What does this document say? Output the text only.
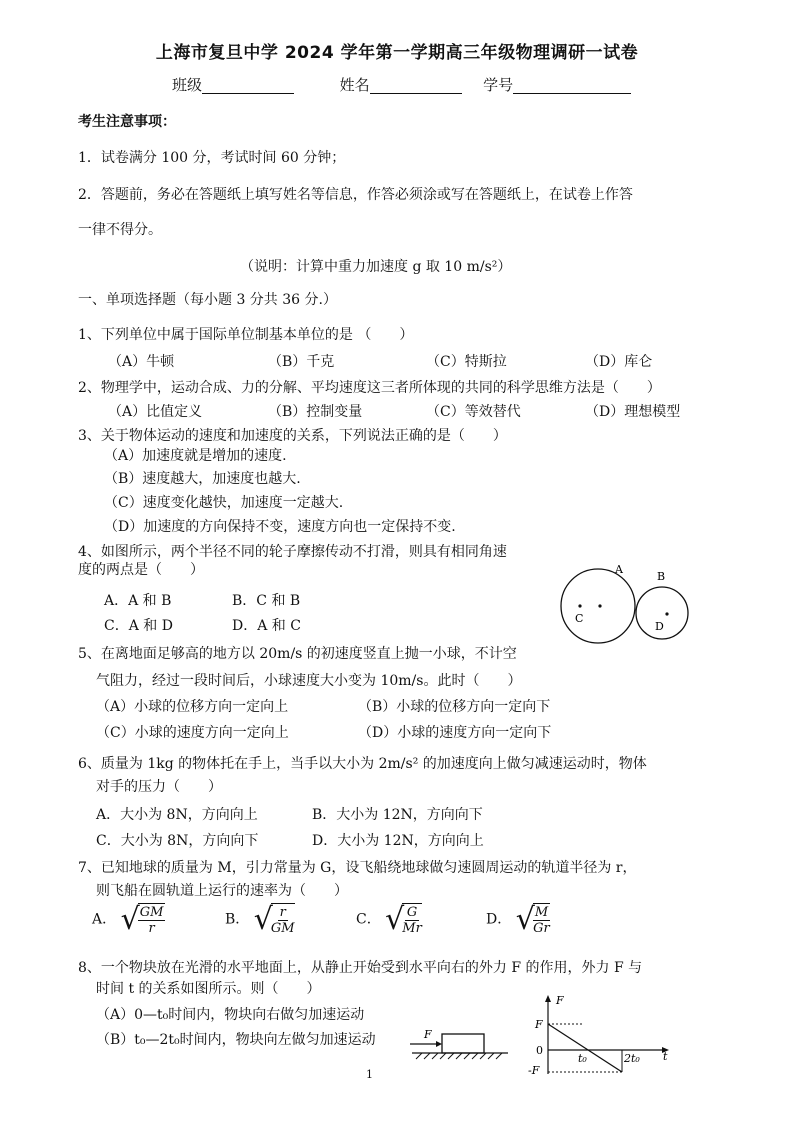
上海市复旦中学 2024 学年第一学期高三年级物理调研一试卷
班级	姓名	学号
考生注意事项：
1．试卷满分 100 分，考试时间 60 分钟；
2．答题前，务必在答题纸上填写姓名等信息，作答必须涂或写在答题纸上，在试卷上作答
一律不得分。
（说明：计算中重力加速度 g 取 10 m/s²）
一、单项选择题（每小题 3 分共 36 分.）
1、下列单位中属于国际单位制基本单位的是 （　　）
（A）牛顿	（B）千克	（C）特斯拉	（D）库仑
2、物理学中，运动合成、力的分解、平均速度这三者所体现的共同的科学思维方法是（　　）
（A）比值定义	（B）控制变量	（C）等效替代	（D）理想模型
3、关于物体运动的速度和加速度的关系，下列说法正确的是（　　）
（A）加速度就是增加的速度.
（B）速度越大，加速度也越大.
（C）速度变化越快，加速度一定越大.
（D）加速度的方向保持不变，速度方向也一定保持不变.
4、如图所示，两个半径不同的轮子摩擦传动不打滑，则具有相同角速
度的两点是（　　）
A．A 和 B	B．C 和 B
C．A 和 D	D．A 和 C
A
B
C
D
5、在离地面足够高的地方以 20m/s 的初速度竖直上抛一小球，不计空
气阻力，经过一段时间后，小球速度大小变为 10m/s。此时（　　）
（A）小球的位移方向一定向上	（B）小球的位移方向一定向下
（C）小球的速度方向一定向上	（D）小球的速度方向一定向下
6、质量为 1kg 的物体托在手上，当手以大小为 2m/s² 的加速度向上做匀减速运动时，物体
对手的压力（　　）
A．大小为 8N，方向向上	B．大小为 12N，方向向下
C．大小为 8N，方向向下	D．大小为 12N，方向向上
7、已知地球的质量为 M，引力常量为 G，设飞船绕地球做匀速圆周运动的轨道半径为 r，
则飞船在圆轨道上运行的速率为（　　）
A． √
$\frac{GM}{r}$	B． √
$\frac{r}{GM}$	C． √
$\frac{G}{Mr}$	D． √
$\frac{M}{Gr}$
8、一个物块放在光滑的水平地面上，从静止开始受到水平向右的外力 F 的作用，外力 F 与
时间 t 的关系如图所示。则（　　）
（A）0—t₀时间内，物块向右做匀加速运动
（B）t₀—2t₀时间内，物块向左做匀加速运动	F
F
t
F
0
-F
t₀	2t₀
1
